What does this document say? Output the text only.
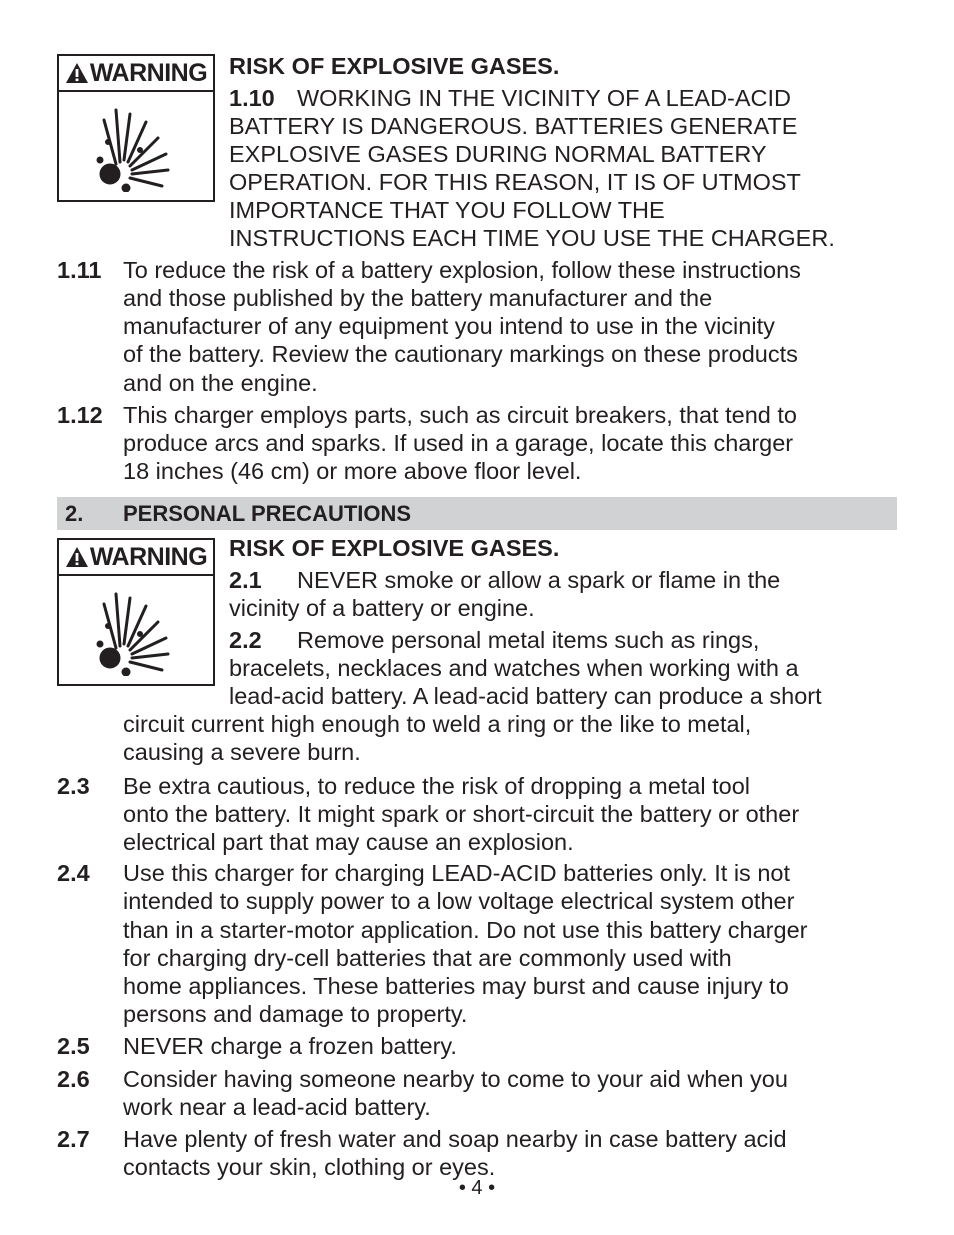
WARNING RISK OF EXPLOSIVE GASES.
1.10 WORKING IN THE VICINITY OF A LEAD-ACID
BATTERY IS DANGEROUS. BATTERIES GENERATE
EXPLOSIVE GASES DURING NORMAL BATTERY
OPERATION. FOR THIS REASON, IT IS OF UTMOST
IMPORTANCE THAT YOU FOLLOW THE
INSTRUCTIONS EACH TIME YOU USE THE CHARGER.
1.11 To reduce the risk of a battery explosion, follow these instructions
and those published by the battery manufacturer and the
manufacturer of any equipment you intend to use in the vicinity
of the battery. Review the cautionary markings on these products
and on the engine.
1.12 This charger employs parts, such as circuit breakers, that tend to
produce arcs and sparks. If used in a garage, locate this charger
18 inches (46 cm) or more above floor level.
2. PERSONAL PRECAUTIONS
WARNING RISK OF EXPLOSIVE GASES.
2.1 NEVER smoke or allow a spark or flame in the
vicinity of a battery or engine.
2.2 Remove personal metal items such as rings,
bracelets, necklaces and watches when working with a
lead-acid battery. A lead-acid battery can produce a short
circuit current high enough to weld a ring or the like to metal,
causing a severe burn.
2.3 Be extra cautious, to reduce the risk of dropping a metal tool
onto the battery. It might spark or short-circuit the battery or other
electrical part that may cause an explosion.
2.4 Use this charger for charging LEAD-ACID batteries only. It is not
intended to supply power to a low voltage electrical system other
than in a starter-motor application. Do not use this battery charger
for charging dry-cell batteries that are commonly used with
home appliances. These batteries may burst and cause injury to
persons and damage to property.
2.5 NEVER charge a frozen battery.
2.6 Consider having someone nearby to come to your aid when you
work near a lead-acid battery.
2.7 Have plenty of fresh water and soap nearby in case battery acid
contacts your skin, clothing or eyes.
• 4 •
